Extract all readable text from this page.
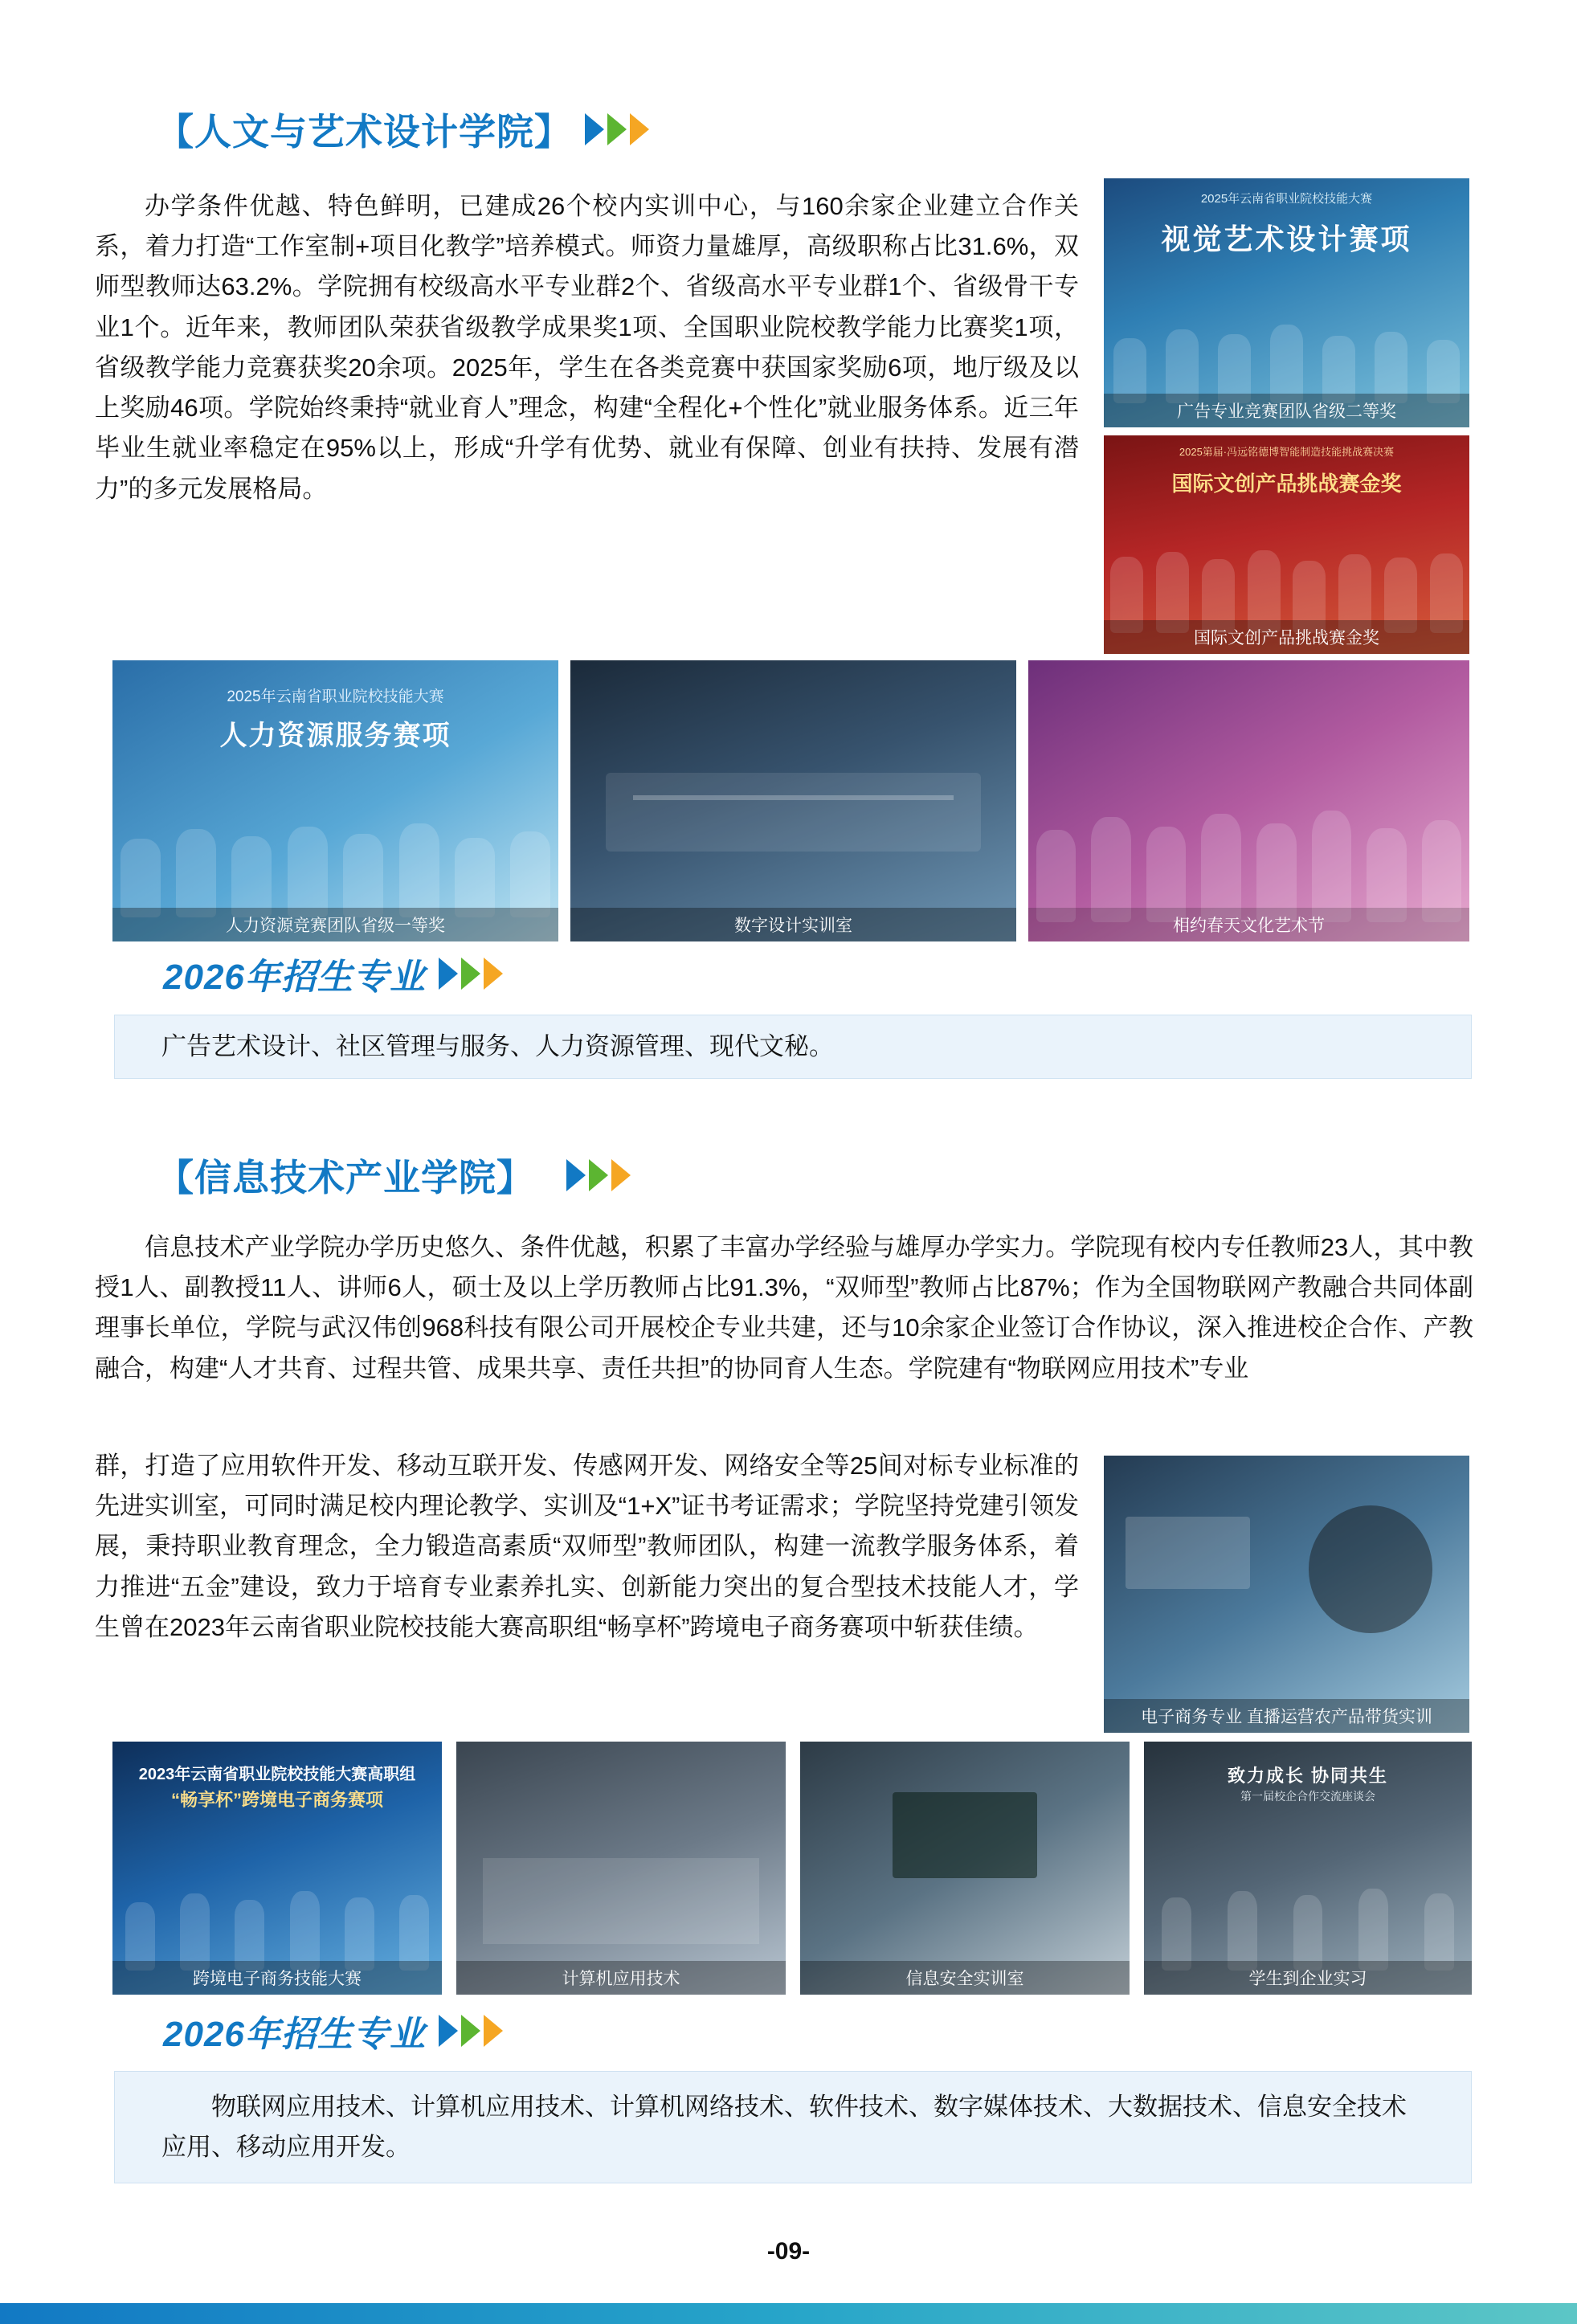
【人文与艺术设计学院】
办学条件优越、特色鲜明，已建成26个校内实训中心，与160余家企业建立合作关系，着力打造“工作室制+项目化教学”培养模式。师资力量雄厚，高级职称占比31.6%，双师型教师达63.2%。学院拥有校级高水平专业群2个、省级高水平专业群1个、省级骨干专业1个。近年来，教师团队荣获省级教学成果奖1项、全国职业院校教学能力比赛奖1项，省级教学能力竞赛获奖20余项。2025年，学生在各类竞赛中获国家奖励6项，地厅级及以上奖励46项。学院始终秉持“就业育人”理念，构建“全程化+个性化”就业服务体系。近三年毕业生就业率稳定在95%以上，形成“升学有优势、就业有保障、创业有扶持、发展有潜力”的多元发展格局。
2025年云南省职业院校技能大赛
视觉艺术设计赛项
广告专业竞赛团队省级二等奖
2025第届·冯远铭德博智能制造技能挑战赛决赛
国际文创产品挑战赛金奖
国际文创产品挑战赛金奖
2025年云南省职业院校技能大赛
人力资源服务赛项
人力资源竞赛团队省级一等奖	数字设计实训室	相约春天文化艺术节
2026年招生专业
广告艺术设计、社区管理与服务、人力资源管理、现代文秘。
【信息技术产业学院】
信息技术产业学院办学历史悠久、条件优越，积累了丰富办学经验与雄厚办学实力。学院现有校内专任教师23人，其中教授1人、副教授11人、讲师6人，硕士及以上学历教师占比91.3%，“双师型”教师占比87%；作为全国物联网产教融合共同体副理事长单位，学院与武汉伟创968科技有限公司开展校企专业共建，还与10余家企业签订合作协议，深入推进校企合作、产教融合，构建“人才共育、过程共管、成果共享、责任共担”的协同育人生态。学院建有“物联网应用技术”专业
群，打造了应用软件开发、移动互联开发、传感网开发、网络安全等25间对标专业标准的先进实训室，可同时满足校内理论教学、实训及“1+X”证书考证需求；学院坚持党建引领发展，秉持职业教育理念，全力锻造高素质“双师型”教师团队，构建一流教学服务体系，着力推进“五金”建设，致力于培育专业素养扎实、创新能力突出的复合型技术技能人才，学生曾在2023年云南省职业院校技能大赛高职组“畅享杯”跨境电子商务赛项中斩获佳绩。
电子商务专业 直播运营农产品带货实训
2023年云南省职业院校技能大赛高职组
“畅享杯”跨境电子商务赛项
跨境电子商务技能大赛	计算机应用技术	信息安全实训室
致力成长 协同共生
第一届校企合作交流座谈会
学生到企业实习
2026年招生专业
物联网应用技术、计算机应用技术、计算机网络技术、软件技术、数字媒体技术、大数据技术、信息安全技术应用、移动应用开发。
-09-
